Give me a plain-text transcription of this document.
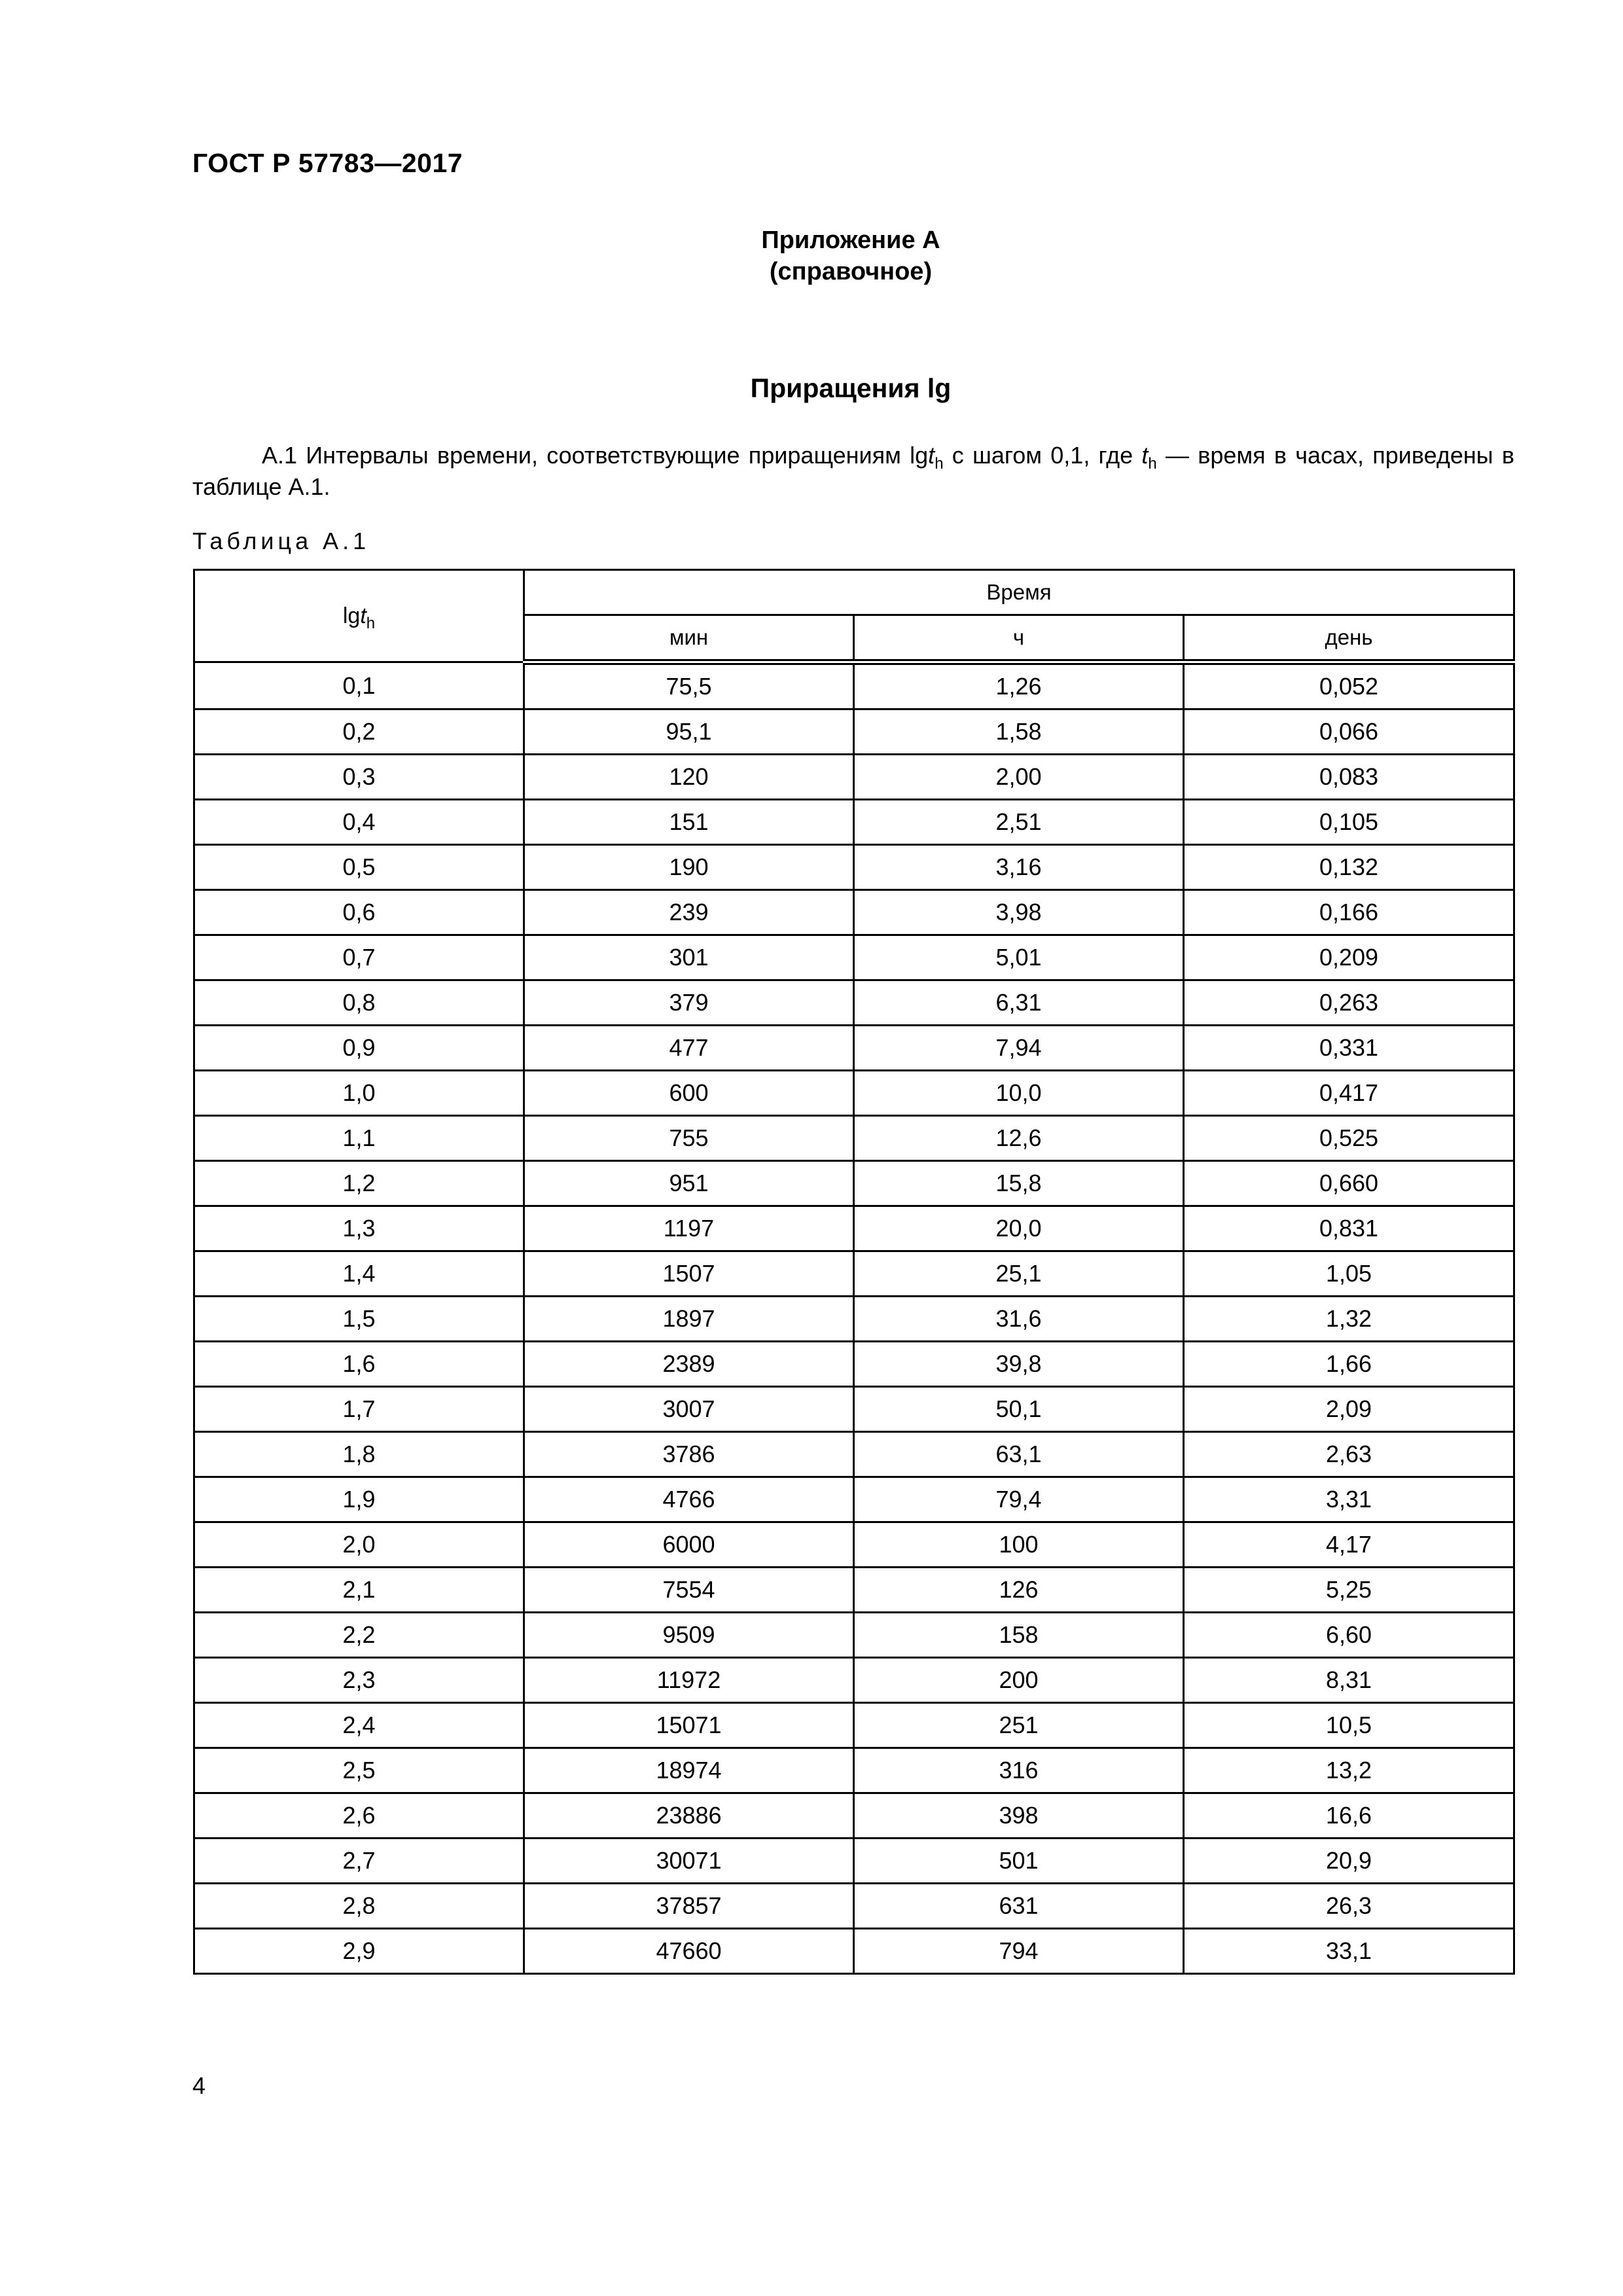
ГОСТ Р 57783—2017
Приложение А
(справочное)
Приращения lg
А.1 Интервалы времени, соответствующие приращениям lgt$_h$ с шагом 0,1, где $t_h$ — время в часах, приведены в таблице А.1.
Таблица А.1
lgt$_h$	Время		
	мин	ч	день
0,1	75,5	1,26	0,052
0,2	95,1	1,58	0,066
0,3	120	2,00	0,083
0,4	151	2,51	0,105
0,5	190	3,16	0,132
0,6	239	3,98	0,166
0,7	301	5,01	0,209
0,8	379	6,31	0,263
0,9	477	7,94	0,331
1,0	600	10,0	0,417
1,1	755	12,6	0,525
1,2	951	15,8	0,660
1,3	1197	20,0	0,831
1,4	1507	25,1	1,05
1,5	1897	31,6	1,32
1,6	2389	39,8	1,66
1,7	3007	50,1	2,09
1,8	3786	63,1	2,63
1,9	4766	79,4	3,31
2,0	6000	100	4,17
2,1	7554	126	5,25
2,2	9509	158	6,60
2,3	11972	200	8,31
2,4	15071	251	10,5
2,5	18974	316	13,2
2,6	23886	398	16,6
2,7	30071	501	20,9
2,8	37857	631	26,3
2,9	47660	794	33,1
4
